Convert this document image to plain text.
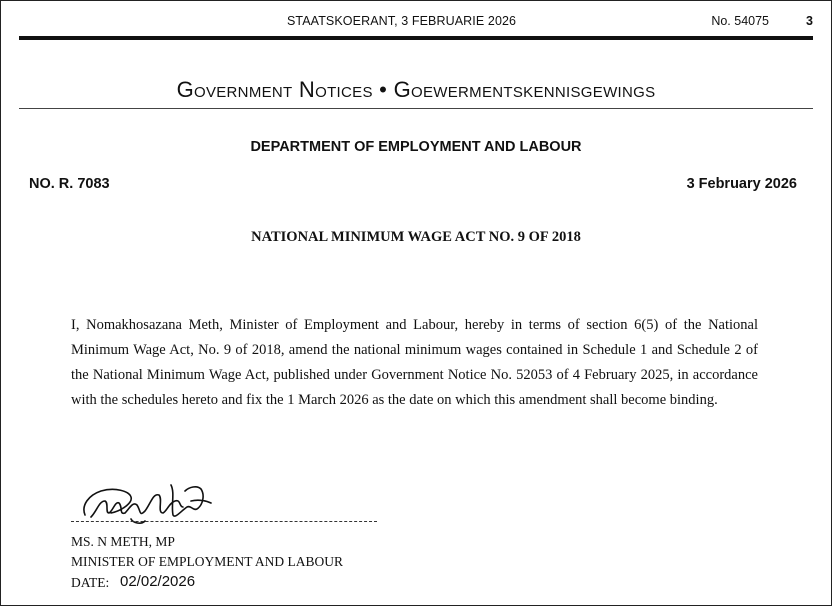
STAATSKOERANT, 3 FEBRUARIE 2026	No. 54075	3
Government Notices • Goewermentskennisgewings
DEPARTMENT OF EMPLOYMENT AND LABOUR
NO. R. 7083	3 February 2026
NATIONAL MINIMUM WAGE ACT NO. 9 OF 2018
I, Nomakhosazana Meth, Minister of Employment and Labour, hereby in terms of section 6(5) of the National Minimum Wage Act, No. 9 of 2018, amend the national minimum wages contained in Schedule 1 and Schedule 2 of the National Minimum Wage Act, published under Government Notice No. 52053 of 4 February 2025, in accordance with the schedules hereto and fix the 1 March 2026 as the date on which this amendment shall become binding.
MS. N METH, MP
MINISTER OF EMPLOYMENT AND LABOUR
DATE: 02/02/2026
